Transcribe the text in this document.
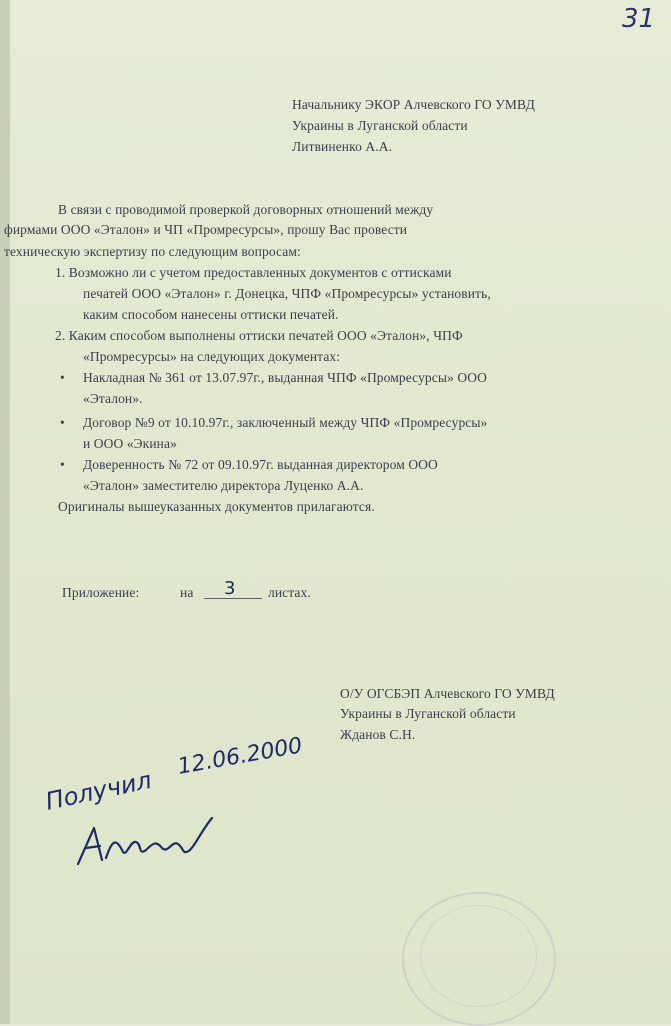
31
Начальнику ЭКОР Алчевского ГО УМВД
Украины в Луганской области
Литвиненко А.А.
В связи с проводимой проверкой договорных отношений между
фирмами ООО «Эталон» и ЧП «Промресурсы», прошу Вас провести
техническую экспертизу по следующим вопросам:
1. Возможно ли с учетом предоставленных документов с оттисками
печатей ООО «Эталон» г. Донецка, ЧПФ «Промресурсы» установить,
каким способом нанесены оттиски печатей.
2. Каким способом выполнены оттиски печатей ООО «Эталон», ЧПФ
«Промресурсы» на следующих документах:
• Накладная № 361 от 13.07.97г., выданная ЧПФ «Промресурсы» ООО
«Эталон».
• Договор №9 от 10.10.97г., заключенный между ЧПФ «Промресурсы»
и ООО «Экина»
• Доверенность № 72 от 09.10.97г. выданная директором ООО
«Эталон» заместителю директора Луценко А.А.
Оригиналы вышеуказанных документов прилагаются.
Приложение:	на 3 листах.
О/У ОГСБЭП Алчевского ГО УМВД
Украины в Луганской области
Жданов С.Н.
Получил
12.06.2000
